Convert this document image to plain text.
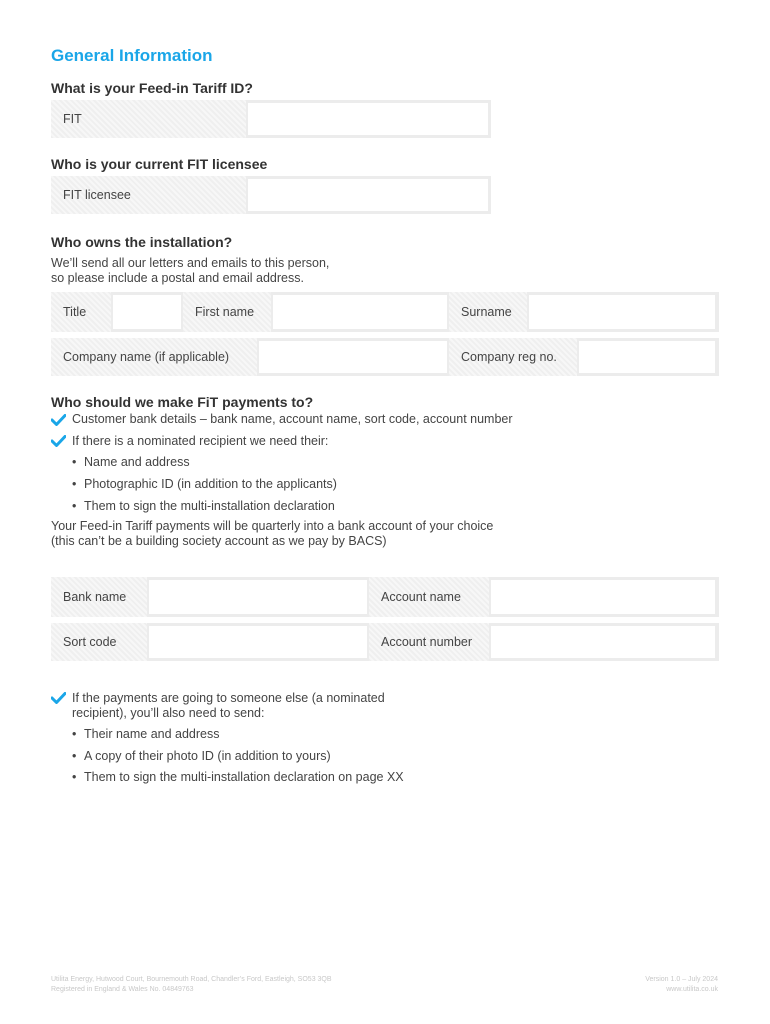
General Information
What is your Feed-in Tariff ID?
FIT
Who is your current FIT licensee
FIT licensee
Who owns the installation?
We’ll send all our letters and emails to this person,
so please include a postal and email address.
Title	First name	Surname
Company name (if applicable)	Company reg no.
Who should we make FiT payments to?
Customer bank details – bank name, account name, sort code, account number
If there is a nominated recipient we need their:
• Name and address
• Photographic ID (in addition to the applicants)
• Them to sign the multi-installation declaration
Your Feed-in Tariff payments will be quarterly into a bank account of your choice
(this can’t be a building society account as we pay by BACS)
Bank name	Account name
Sort code	Account number
If the payments are going to someone else (a nominated
recipient), you’ll also need to send:
• Their name and address
• A copy of their photo ID (in addition to yours)
• Them to sign the multi-installation declaration on page XX
Utilita Energy, Hutwood Court, Bournemouth Road, Chandler’s Ford, Eastleigh, SO53 3QB
Registered in England & Wales No. 04849763
Version 1.0 – July 2024
www.utilita.co.uk
